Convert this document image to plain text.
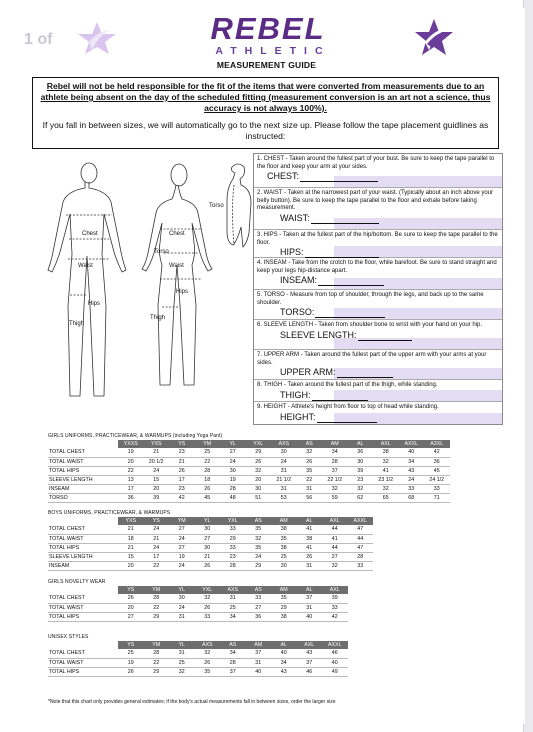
1 of	REBEL
ATHLETIC
MEASUREMENT GUIDE
Rebel will not be held responsible for the fit of the items that were converted from measurements due to an athlete being absent on the day of the scheduled fitting (measurement conversion is an art not a science, thus accuracy is not always 100%).
If you fall in between sizes, we will automatically go to the next size up. Please follow the tape placement guidlines as instructed:
Torso
Chest
Waist
Hips
Thigh
Chest
Torso
Waist
Hips
Thigh
1. CHEST - Taken around the fullest part of your bust. Be sure to keep the tape parallel to the floor and keep your arm at your sides.
CHEST:
2. WAIST - Taken at the narrowest part of your waist. (Typically about an inch above your belly button). Be sure to keep the tape parallel to the floor and exhale before taking measurement.
WAIST:
3. HIPS - Taken at the fullest part of the hip/bottom. Be sure to keep the tape parallel to the floor.
HIPS:
4. INSEAM - Take from the crotch to the floor, while barefoot. Be sure to stand straight and keep your legs hip-distance apart.
INSEAM:
5. TORSO - Measure from top of shoulder, through the legs, and back up to the same shoulder.
TORSO:
6. SLEEVE LENGTH - Taken from shoulder bone to wrist with your hand on your hip.
SLEEVE LENGTH:
7. UPPER ARM - Taken around the fullest part of the upper arm with your arms at your sides.
UPPER ARM:
8. THIGH - Taken around the fullest part of the thigh, while standing.
THIGH:
9. HEIGHT - Athlete's height from floor to top of head while standing.
HEIGHT:
GIRLS UNIFORMS, PRACTICEWEAR, & WARMUPS (including Yoga Pant)
	YXXS	YXS	YS	YM	YL	YXL	AXS	AS	AM	AL	AXL	AXXL	A3XL
TOTAL CHEST	19	21	23	25	27	29	30	32	34	36	38	40	42
TOTAL WAIST	20	20 1/2	21	22	24	26	24	26	28	30	32	34	36
TOTAL HIPS	22	24	26	28	30	32	31	35	37	39	41	43	45
SLEEVE LENGTH	13	15	17	18	19	20	21 1/2	22	22 1/2	23	23 1/2	24	24 1/2
INSEAM	17	20	23	26	28	30	31	31	32	32	32	33	33
TORSO	36	39	42	45	48	51	53	56	59	62	65	68	71
BOYS UNIFORMS, PRACTICEWEAR, & WARMUPS
	YXS	YS	YM	YL	YXL	AS	AM	AL	AXL	AXXL
TOTAL CHEST	21	24	27	30	33	35	38	41	44	47
TOTAL WAIST	18	21	24	27	29	32	35	38	41	44
TOTAL HIPS	21	24	27	30	33	35	38	41	44	47
SLEEVE LENGTH	15	17	19	21	23	24	25	26	27	28
INSEAM	20	22	24	26	28	29	30	31	32	33
GIRLS NOVELTY WEAR
	YS	YM	YL	YXL	AXS	AS	AM	AL	AXL
TOTAL CHEST	26	28	30	32	31	33	35	37	39
TOTAL WAIST	20	22	24	26	25	27	29	31	33
TOTAL HIPS	27	29	31	33	34	36	38	40	42
UNISEX STYLES
	YS	YM	YL	AXS	AS	AM	AL	AXL	AXXL
TOTAL CHEST	25	28	31	32	34	37	40	43	46
TOTAL WAIST	19	22	25	26	28	31	34	37	40
TOTAL HIPS	26	29	32	35	37	40	43	46	49
*Note that this chart only provides general estimates; if the body's actual measurements fall in between sizes, order the larger size
